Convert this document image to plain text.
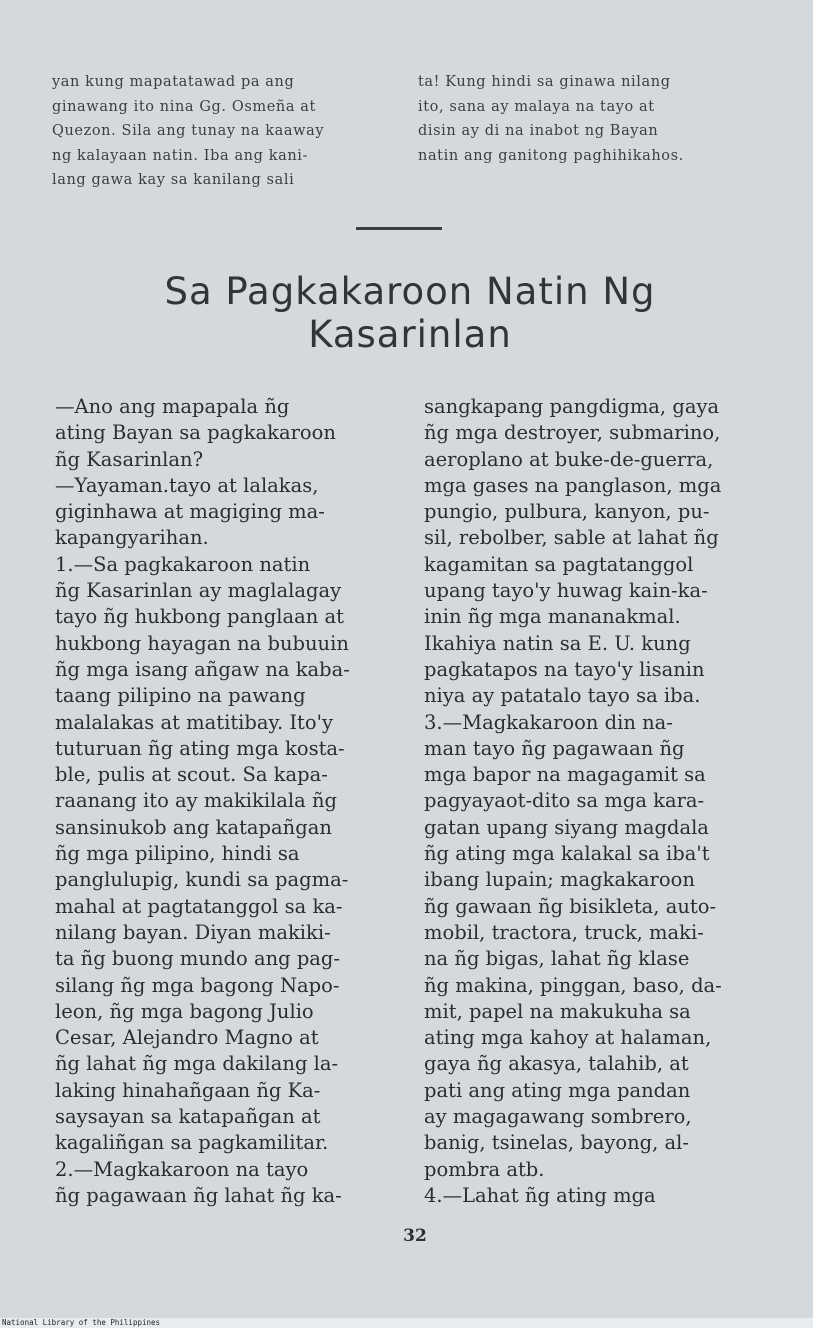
yan kung mapatatawad pa ang
ginawang ito nina Gg. Osmeña at
Quezon. Sila ang tunay na kaaway
ng kalayaan natin. Iba ang kani-
lang gawa kay sa kanilang sali
ta! Kung hindi sa ginawa nilang
ito, sana ay malaya na tayo at
disin ay di na inabot ng Bayan
natin ang ganitong paghihikahos.
Sa Pagkakaroon Natin Ng
Kasarinlan
—Ano ang mapapala ñg
ating Bayan sa pagkakaroon
ñg Kasarinlan?
—Yayaman.tayo at lalakas,
giginhawa at magiging ma-
kapangyarihan.
1.—Sa pagkakaroon natin
ñg Kasarinlan ay maglalagay
tayo ñg hukbong panglaan at
hukbong hayagan na bubuuin
ñg mga isang añgaw na kaba-
taang pilipino na pawang
malalakas at matitibay. Ito'y
tuturuan ñg ating mga kosta-
ble, pulis at scout. Sa kapa-
raanang ito ay makikilala ñg
sansinukob ang katapañgan
ñg mga pilipino, hindi sa
panglulupig, kundi sa pagma-
mahal at pagtatanggol sa ka-
nilang bayan. Diyan makiki-
ta ñg buong mundo ang pag-
silang ñg mga bagong Napo-
leon, ñg mga bagong Julio
Cesar, Alejandro Magno at
ñg lahat ñg mga dakilang la-
laking hinahañgaan ñg Ka-
saysayan sa katapañgan at
kagaliñgan sa pagkamilitar.
2.—Magkakaroon na tayo
ñg pagawaan ñg lahat ñg ka-
sangkapang pangdigma, gaya
ñg mga destroyer, submarino,
aeroplano at buke-de-guerra,
mga gases na panglason, mga
pungio, pulbura, kanyon, pu-
sil, rebolber, sable at lahat ñg
kagamitan sa pagtatanggol
upang tayo'y huwag kain-ka-
inin ñg mga mananakmal.
Ikahiya natin sa E. U. kung
pagkatapos na tayo'y lisanin
niya ay patatalo tayo sa iba.
3.—Magkakaroon din na-
man tayo ñg pagawaan ñg
mga bapor na magagamit sa
pagyayaot-dito sa mga kara-
gatan upang siyang magdala
ñg ating mga kalakal sa iba't
ibang lupain; magkakaroon
ñg gawaan ñg bisikleta, auto-
mobil, tractora, truck, maki-
na ñg bigas, lahat ñg klase
ñg makina, pinggan, baso, da-
mit, papel na makukuha sa
ating mga kahoy at halaman,
gaya ñg akasya, talahib, at
pati ang ating mga pandan
ay magagawang sombrero,
banig, tsinelas, bayong, al-
pombra atb.
4.—Lahat ñg ating mga
32
National Library of the Philippines
